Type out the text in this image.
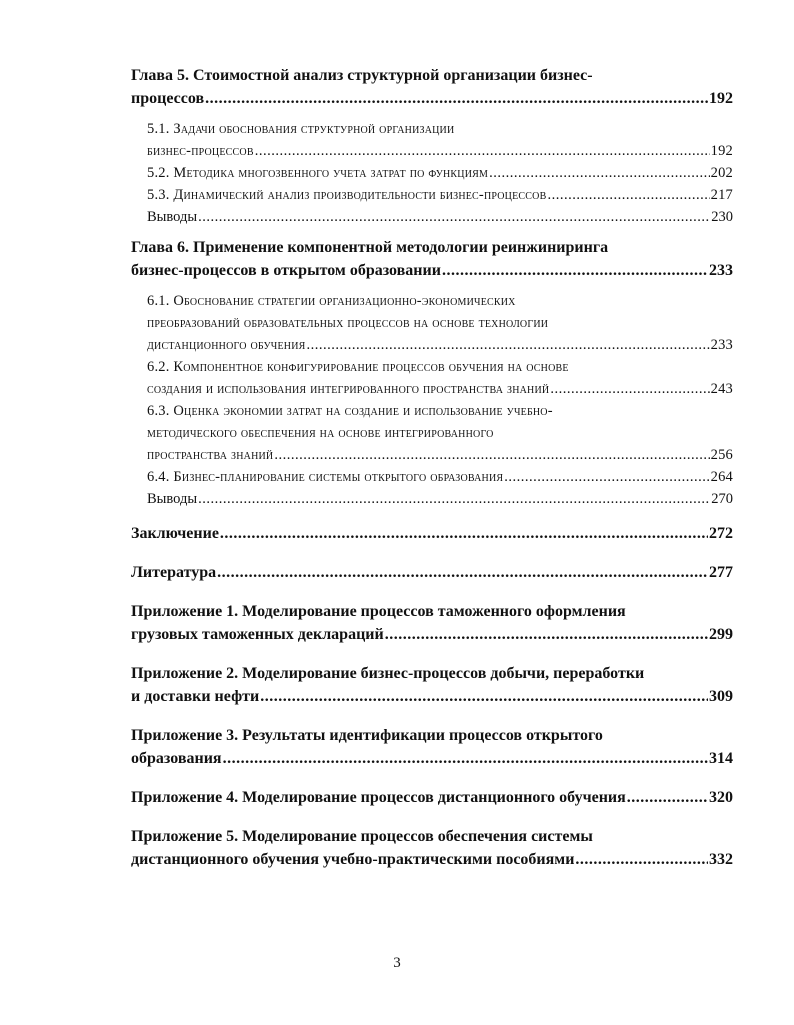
Глава 5. Стоимостной анализ структурной организации бизнес-
процессов .....	192
5.1. Задачи обоснования структурной организации
бизнес-процессов .....	192
5.2. Методика многозвенного учета затрат по функциям .....	202
5.3. Динамический анализ производительности бизнес-процессов .....	217
Выводы .....	230
Глава 6. Применение компонентной методологии реинжиниринга
бизнес-процессов в открытом образовании .....	233
6.1. Обоснование стратегии организационно-экономических
преобразований образовательных процессов на основе технологии
дистанционного обучения .....	233
6.2. Компонентное конфигурирование процессов обучения на основе
создания и использования интегрированного пространства знаний .....	243
6.3. Оценка экономии затрат на создание и использование учебно-
методического обеспечения на основе интегрированного
пространства знаний .....	256
6.4. Бизнес-планирование системы открытого образования .....	264
Выводы .....	270
Заключение .....	272
Литература .....	277
Приложение 1. Моделирование процессов таможенного оформления
грузовых таможенных деклараций .....	299
Приложение 2. Моделирование бизнес-процессов добычи, переработки
и доставки нефти .....	309
Приложение 3. Результаты идентификации процессов открытого
образования .....	314
Приложение 4. Моделирование процессов дистанционного обучения .....	320
Приложение 5. Моделирование процессов обеспечения системы
дистанционного обучения учебно-практическими пособиями .....	332
3
